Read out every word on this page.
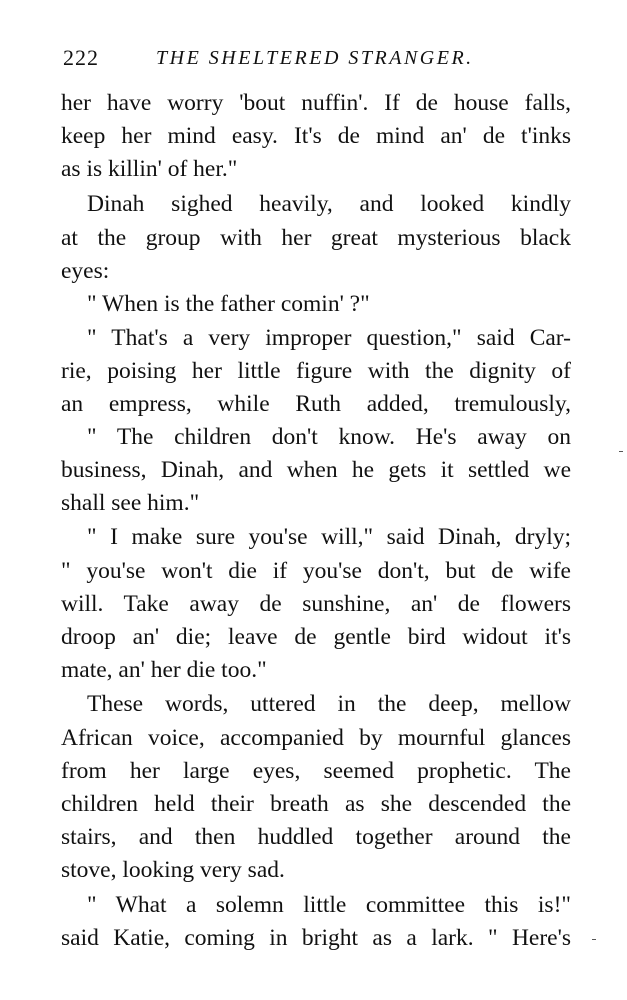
222	THE SHELTERED STRANGER.
her have worry 'bout nuffin'. If de house falls,
keep her mind easy. It's de mind an' de t'inks
as is killin' of her."
Dinah sighed heavily, and looked kindly
at the group with her great mysterious black
eyes:
" When is the father comin' ?"
" That's a very improper question," said Car-
rie, poising her little figure with the dignity of
an empress, while Ruth added, tremulously,
" The children don't know. He's away on
business, Dinah, and when he gets it settled we
shall see him."
" I make sure you'se will," said Dinah, dryly;
" you'se won't die if you'se don't, but de wife
will. Take away de sunshine, an' de flowers
droop an' die; leave de gentle bird widout it's
mate, an' her die too."
These words, uttered in the deep, mellow
African voice, accompanied by mournful glances
from her large eyes, seemed prophetic. The
children held their breath as she descended the
stairs, and then huddled together around the
stove, looking very sad.
" What a solemn little committee this is!"
said Katie, coming in bright as a lark. " Here's
